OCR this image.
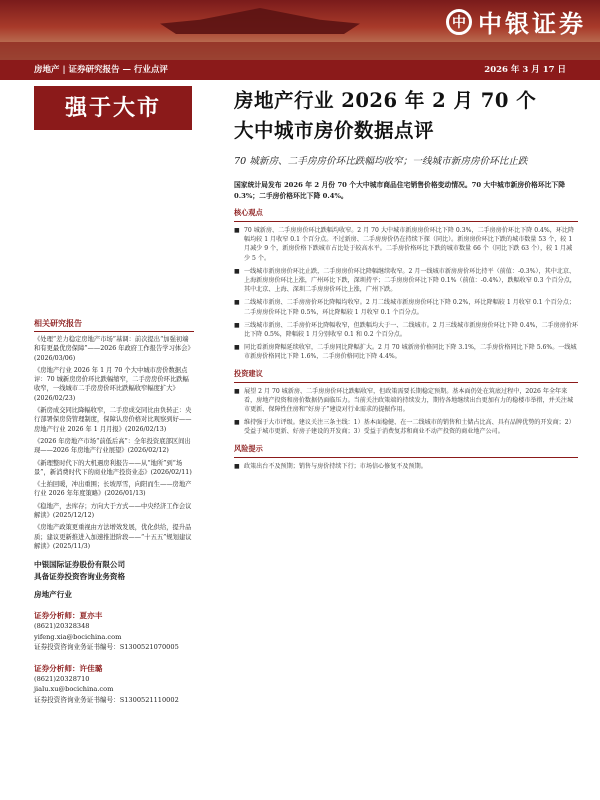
中 中银证券
房地产 | 证券研究报告 — 行业点评	2026 年 3 月 17 日
强于大市
相关研究报告
《处理“差力稳定房地产市场”基调：前次提出“加强初端和有更最优房保障”——2026 年政府工作报告学习体会》(2026/03/06)
《房地产行业 2026 年 1 月 70 个大中城市房价数据点评：70 城新房房价环比跌幅缩窄，二手房房价环比跌幅收窄，一线城市二手房房价环比跌幅收窄幅度扩大》(2026/02/23)
《新房成交同比降幅收窄，二手房成交同比由负转正：央行部署保房贷管理制度，保障认房价格对比观察到好——房地产行业 2026 年 1 月月报》(2026/02/13)
《2026 年房地产市场“前低后高”：全年投资底部区间出现——2026 年房地产行业展望》(2026/02/12)
《新理整时代下的大机遇房利报告——从“地所”到“场景”，新消费时代下的商业地产投资业态》(2026/02/11)
《土拍回暖，冲出重围；长坡厚雪，向阳而生——房地产行业 2026 年年度策略》(2026/01/13)
《稳地产，去库存；方向大于方式——中央经济工作会议解读》(2025/12/12)
《房地产政策更重视由方法增效发展，优化供给，提升品质；建议更新推进入加速推进阶段——“十五五”规划建议解读》(2025/11/3)
中银国际证券股份有限公司
具备证券投资咨询业务资格
房地产行业
证券分析师：夏亦丰
(8621)20328348
yifeng.xia@bocichina.com
证券投资咨询业务证书编号：S1300521070005
证券分析师：许佳璐
(8621)20328710
jialu.xu@bocichina.com
证券投资咨询业务证书编号：S1300521110002
房地产行业 2026 年 2 月 70 个
大中城市房价数据点评
70 城新房、二手房房价环比跌幅均收窄；一线城市新房房价环比止跌
国家统计局发布 2026 年 2 月份 70 个大中城市商品住宅销售价格变动情况。70 大中城市新房价格环比下降 0.3%；二手房价格环比下降 0.4%。
核心观点
■ 70 城新房、二手房房价环比跌幅均收窄。2 月 70 大中城市新房房价环比下降 0.3%，二手房房价环比下降 0.4%，环比降幅均较 1 月收窄 0.1 个百分点。不过新房、二手房房价仍在持续下探（同比）。新房房价环比下跌的城市数量 53 个，较 1 月减少 9 个，新房价格下跌城市占比处于较高水平。二手房价格环比下跌的城市数量 66 个（同比下跌 63 个），较 1 月减少 5 个。
■ 一线城市新房房价环比止跌，二手房房价环比降幅继续收窄。2 月一线城市新房房价环比持平（前值：-0.3%），其中北京、上海新房房价环比上涨，广州环比下跌，深圳持平；二手房房价环比下降 0.1%（前值：-0.4%），跌幅收窄 0.3 个百分点，其中北京、上海、深圳二手房房价环比上涨，广州下跌。
■ 二线城市新房、二手房房价环比降幅均收窄。2 月二线城市新房房价环比下降 0.2%，环比降幅较 1 月收窄 0.1 个百分点；二手房房价环比下降 0.5%，环比降幅较 1 月收窄 0.1 个百分点。
■ 三线城市新房、二手房价环比降幅收窄，但跌幅均大于一、二线城市。2 月三线城市新房房价环比下降 0.4%，二手房房价环比下降 0.5%，降幅较 1 月分别收窄 0.1 和 0.2 个百分点。
■ 同比看新房降幅延续收窄，二手房同比降幅扩大。2 月 70 城新房价格同比下降 3.1%，二手房价格同比下降 5.6%。一线城市新房价格同比下降 1.6%，二手房价格同比下降 4.4%。
投资建议
■ 展望 2 月 70 城新房、二手房房价环比跌幅收窄，但政策需要长期稳定预期。基本面仍处在筑底过程中，2026 年全年来看，房地产投资和房价数据仍面临压力。当前关注政策端的持续发力，期待各地继续出台更加有力的稳楼市举措，并关注城市更新、保障性住房和“好房子”建设对行业需求的提振作用。
■ 维持强于大市评级。建议关注三条主线：1）基本面稳健、在一二线城市的销售和土储占比高、具有品牌优势的开发商；2）受益于城市更新、好房子建设的开发商；3）受益于消费复苏和商业不动产投资的商业地产公司。
风险提示
■ 政策出台不及预期；销售与房价持续下行；市场信心修复不及预期。
